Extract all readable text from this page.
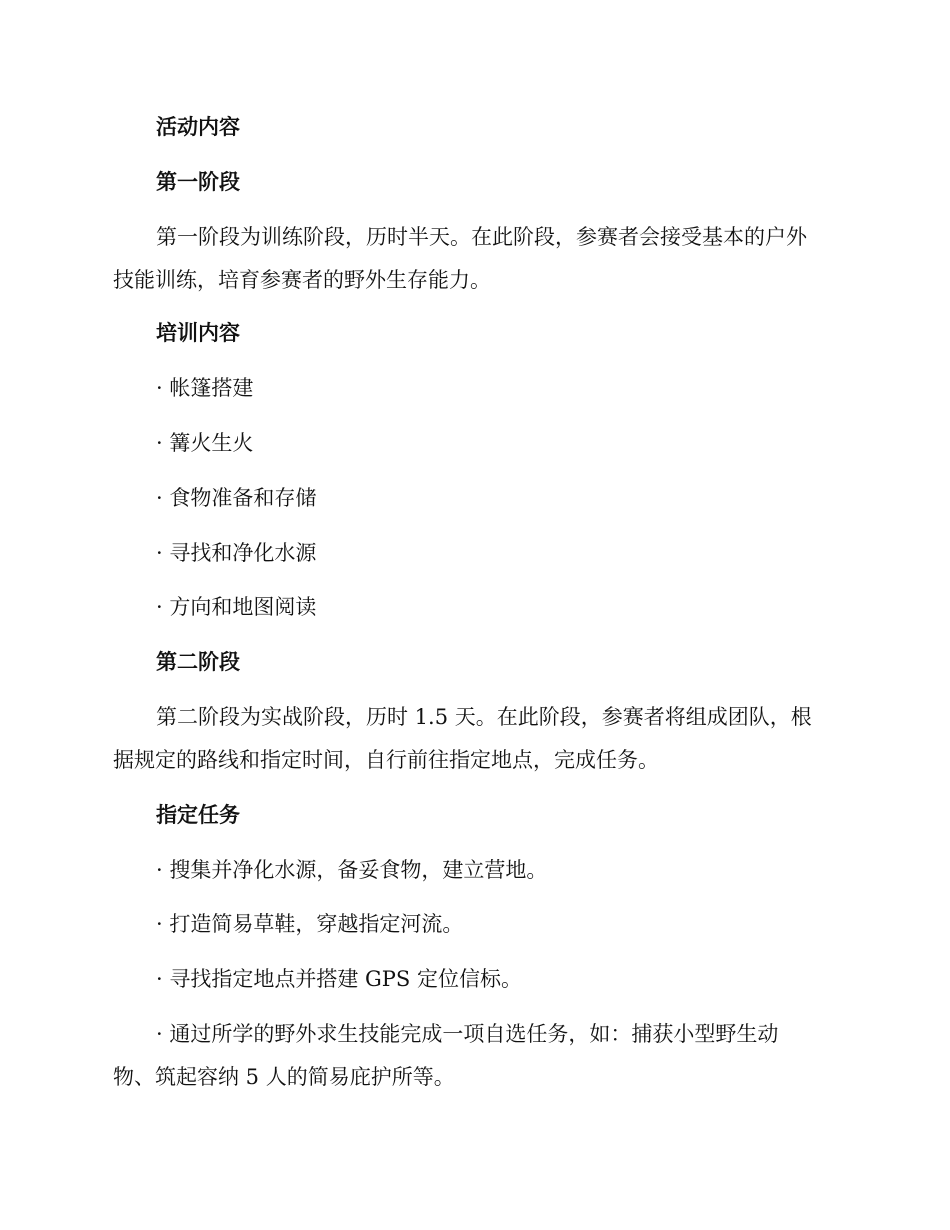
活动内容
第一阶段
第一阶段为训练阶段，历时半天。在此阶段，参赛者会接受基本的户外
技能训练，培育参赛者的野外生存能力。
培训内容
· 帐篷搭建
· 篝火生火
· 食物准备和存储
· 寻找和净化水源
· 方向和地图阅读
第二阶段
第二阶段为实战阶段，历时 1.5 天。在此阶段，参赛者将组成团队，根
据规定的路线和指定时间，自行前往指定地点，完成任务。
指定任务
· 搜集并净化水源，备妥食物，建立营地。
· 打造简易草鞋，穿越指定河流。
· 寻找指定地点并搭建 GPS 定位信标。
· 通过所学的野外求生技能完成一项自选任务，如：捕获小型野生动
物、筑起容纳 5 人的简易庇护所等。
